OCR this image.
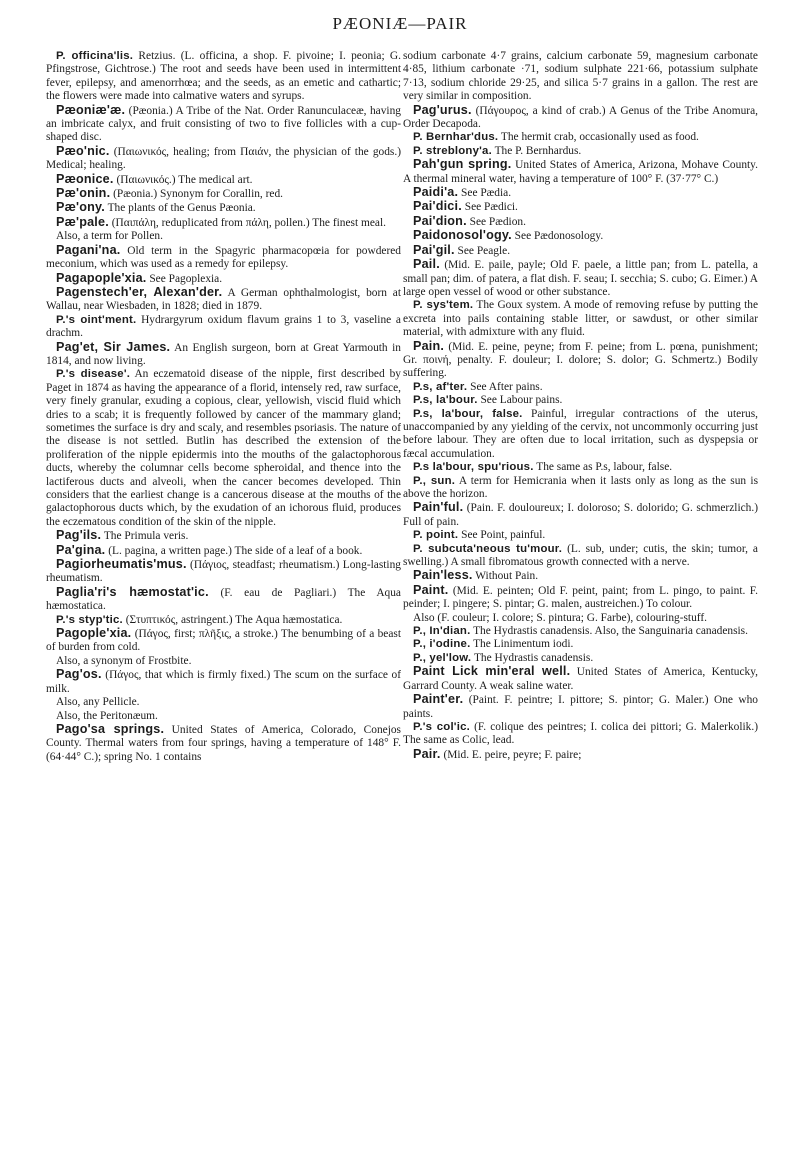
PÆONIÆ—PAIR

P. officina'lis. Retzius. (L. officina, a shop. F. pivoine; I. peonia; G. Pfingstrose, Gichtrose.) The root and seeds have been used in intermittent fever, epilepsy, and amenorrhœa; and the seeds, as an emetic and cathartic; the flowers were made into calmative waters and syrups.

Pæoniæ'æ. (Pæonia.) A Tribe of the Nat. Order Ranunculaceæ, having an imbricate calyx, and fruit consisting of two to five follicles with a cup-shaped disc.

Pæo'nic. (Παιωνικός, healing; from Παιάν, the physician of the gods.) Medical; healing.

Pæonice. (Παιωνικός.) The medical art.

Pæ'onin. (Pæonia.) Synonym for Corallin, red.

Pæ'ony. The plants of the Genus Pæonia.

Pæ'pale. (Παιπάλη, reduplicated from πάλη, pollen.) The finest meal.

Also, a term for Pollen.

Pagani'na. Old term in the Spagyric pharmacopœia for powdered meconium, which was used as a remedy for epilepsy.

Pagapople'xia. See Pagoplexia.

Pagenstech'er, Alexan'der. A German ophthalmologist, born at Wallau, near Wiesbaden, in 1828; died in 1879.

P.'s oint'ment. Hydrargyrum oxidum flavum grains 1 to 3, vaseline a drachm.

Pag'et, Sir James. An English surgeon, born at Great Yarmouth in 1814, and now living.

P.'s disease'. An eczematoid disease of the nipple, first described by Paget in 1874 as having the appearance of a florid, intensely red, raw surface, very finely granular, exuding a copious, clear, yellowish, viscid fluid which dries to a scab; it is frequently followed by cancer of the mammary gland; sometimes the surface is dry and scaly, and resembles psoriasis. The nature of the disease is not settled. Butlin has described the extension of the proliferation of the nipple epidermis into the mouths of the galactophorous ducts, whereby the columnar cells become spheroidal, and thence into the lactiferous ducts and alveoli, when the cancer becomes developed. Thin considers that the earliest change is a cancerous disease at the mouths of the galactophorous ducts which, by the exudation of an ichorous fluid, produces the eczematous condition of the skin of the nipple.

Pag'ils. The Primula veris.

Pa'gina. (L. pagina, a written page.) The side of a leaf of a book.

Pagiorheumatis'mus. (Πάγιος, steadfast; rheumatism.) Long-lasting rheumatism.

Paglia'ri's hæmostat'ic. (F. eau de Pagliari.) The Aqua hæmostatica.

P.'s styp'tic. (Στυπτικός, astringent.) The Aqua hæmostatica.

Pagople'xia. (Πάγος, first; πλῆξις, a stroke.) The benumbing of a beast of burden from cold.

Also, a synonym of Frostbite.

Pag'os. (Πάγος, that which is firmly fixed.) The scum on the surface of milk.

Also, any Pellicle.

Also, the Peritonæum.

Pago'sa springs. United States of America, Colorado, Conejos County. Thermal waters from four springs, having a temperature of 148° F. (64·44° C.); spring No. 1 contains

sodium carbonate 4·7 grains, calcium carbonate 59, magnesium carbonate 4·85, lithium carbonate ·71, sodium sulphate 221·66, potassium sulphate 7·13, sodium chloride 29·25, and silica 5·7 grains in a gallon. The rest are very similar in composition.

Pag'urus. (Πάγουρος, a kind of crab.) A Genus of the Tribe Anomura, Order Decapoda.

P. Bernhar'dus. The hermit crab, occasionally used as food.

P. streblony'a. The P. Bernhardus.

Pah'gun spring. United States of America, Arizona, Mohave County. A thermal mineral water, having a temperature of 100° F. (37·77° C.)

Paidi'a. See Pædia.

Pai'dici. See Pædici.

Pai'dion. See Pædion.

Paidonosol'ogy. See Pædonosology.

Pai'gil. See Peagle.

Pail. (Mid. E. paile, payle; Old F. paele, a little pan; from L. patella, a small pan; dim. of patera, a flat dish. F. seau; I. secchia; S. cubo; G. Eimer.) A large open vessel of wood or other substance.

P. sys'tem. The Goux system. A mode of removing refuse by putting the excreta into pails containing stable litter, or sawdust, or other similar material, with admixture with any fluid.

Pain. (Mid. E. peine, peyne; from F. peine; from L. pœna, punishment; Gr. ποινή, penalty. F. douleur; I. dolore; S. dolor; G. Schmertz.) Bodily suffering.

P.s, af'ter. See After pains.

P.s, la'bour. See Labour pains.

P.s, la'bour, false. Painful, irregular contractions of the uterus, unaccompanied by any yielding of the cervix, not uncommonly occurring just before labour. They are often due to local irritation, such as dyspepsia or fæcal accumulation.

P.s la'bour, spu'rious. The same as P.s, labour, false.

P., sun. A term for Hemicrania when it lasts only as long as the sun is above the horizon.

Pain'ful. (Pain. F. douloureux; I. doloroso; S. dolorido; G. schmerzlich.) Full of pain.

P. point. See Point, painful.

P. subcuta'neous tu'mour. (L. sub, under; cutis, the skin; tumor, a swelling.) A small fibromatous growth connected with a nerve.

Pain'less. Without Pain.

Paint. (Mid. E. peinten; Old F. peint, paint; from L. pingo, to paint. F. peinder; I. pingere; S. pintar; G. malen, austreichen.) To colour.

Also (F. couleur; I. colore; S. pintura; G. Farbe), colouring-stuff.

P., In'dian. The Hydrastis canadensis. Also, the Sanguinaria canadensis.

P., i'odine. The Linimentum iodi.

P., yel'low. The Hydrastis canadensis.

Paint Lick min'eral well. United States of America, Kentucky, Garrard County. A weak saline water.

Paint'er. (Paint. F. peintre; I. pittore; S. pintor; G. Maler.) One who paints.

P.'s col'ic. (F. colique des peintres; I. colica dei pittori; G. Malerkolik.) The same as Colic, lead.

Pair. (Mid. E. peire, peyre; F. paire;
